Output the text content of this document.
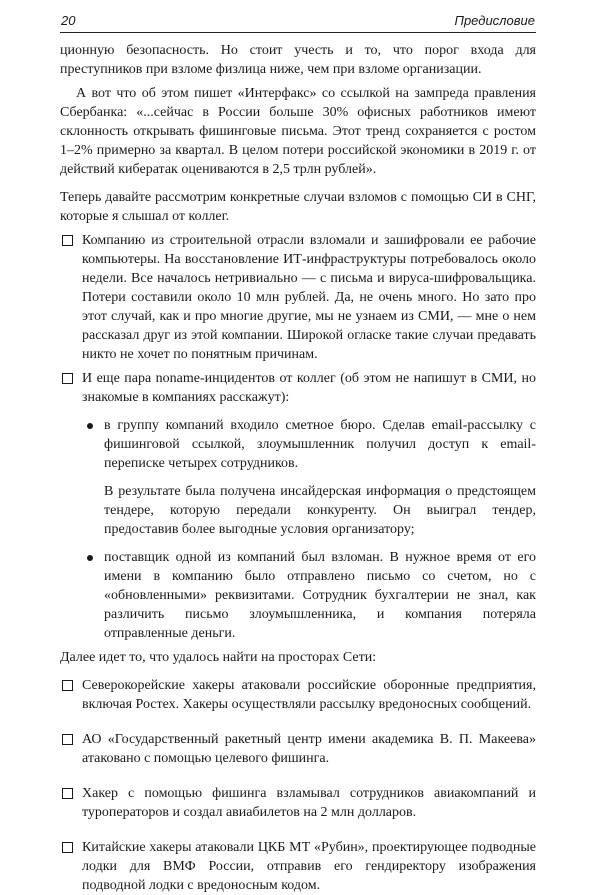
20	Предисловие

ционную безопасность. Но стоит учесть и то, что порог входа для преступников при взломе физлица ниже, чем при взломе организации.

А вот что об этом пишет «Интерфакс» со ссылкой на зампреда правления Сбербанка: «...сейчас в России больше 30% офисных работников имеют склонность открывать фишинговые письма. Этот тренд сохраняется с ростом 1–2% примерно за квартал. В целом потери российской экономики в 2019 г. от действий кибератак оцениваются в 2,5 трлн рублей».

Теперь давайте рассмотрим конкретные случаи взломов с помощью СИ в СНГ, которые я слышал от коллег.

Компанию из строительной отрасли взломали и зашифровали ее рабочие компьютеры. На восстановление ИТ-инфраструктуры потребовалось около недели. Все началось нетривиально — с письма и вируса-шифровальщика. Потери составили около 10 млн рублей. Да, не очень много. Но зато про этот случай, как и про многие другие, мы не узнаем из СМИ, — мне о нем рассказал друг из этой компании. Широкой огласке такие случаи предавать никто не хочет по понятным причинам.

И еще пара noname-инцидентов от коллег (об этом не напишут в СМИ, но знакомые в компаниях расскажут):

в группу компаний входило сметное бюро. Сделав email-рассылку с фишинговой ссылкой, злоумышленник получил доступ к email-переписке четырех сотрудников.

В результате была получена инсайдерская информация о предстоящем тендере, которую передали конкуренту. Он выиграл тендер, предоставив более выгодные условия организатору;

поставщик одной из компаний был взломан. В нужное время от его имени в компанию было отправлено письмо со счетом, но с «обновленными» реквизитами. Сотрудник бухгалтерии не знал, как различить письмо злоумышленника, и компания потеряла отправленные деньги.

Далее идет то, что удалось найти на просторах Сети:

Северокорейские хакеры атаковали российские оборонные предприятия, включая Ростех. Хакеры осуществляли рассылку вредоносных сообщений.

АО «Государственный ракетный центр имени академика В. П. Макеева» атаковано с помощью целевого фишинга.

Хакер с помощью фишинга взламывал сотрудников авиакомпаний и туроператоров и создал авиабилетов на 2 млн долларов.

Китайские хакеры атаковали ЦКБ МТ «Рубин», проектирующее подводные лодки для ВМФ России, отправив его гендиректору изображения подводной лодки с вредоносным кодом.
